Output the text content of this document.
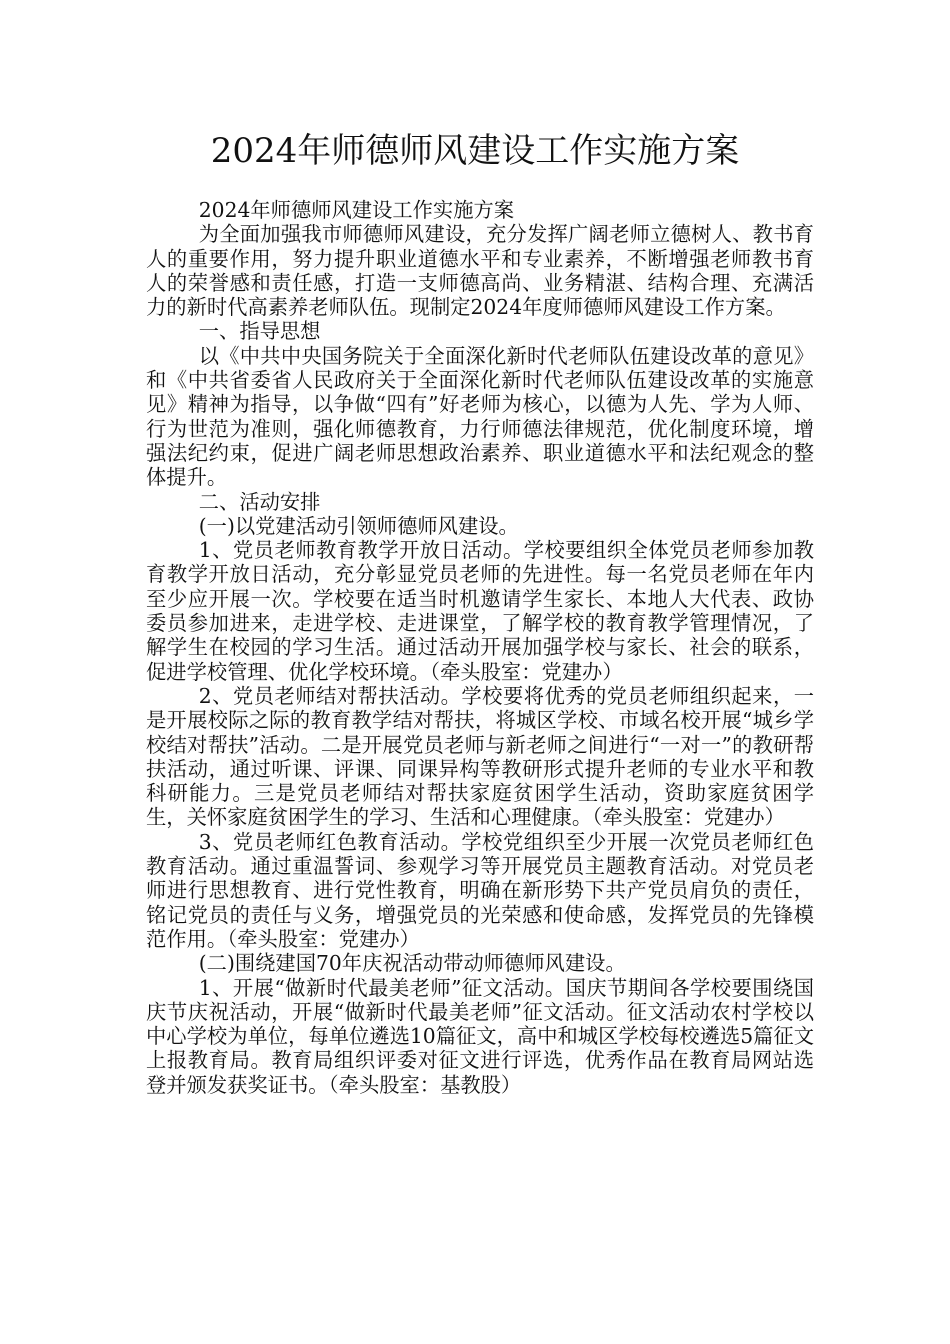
2024年师德师风建设工作实施方案

2024年师德师风建设工作实施方案

为全面加强我市师德师风建设，充分发挥广阔老师立德树人、教书育人的重要作用，努力提升职业道德水平和专业素养，不断增强老师教书育人的荣誉感和责任感，打造一支师德高尚、业务精湛、结构合理、充满活力的新时代高素养老师队伍。现制定2024年度师德师风建设工作方案。

一、指导思想

以《中共中央国务院关于全面深化新时代老师队伍建设改革的意见》和《中共省委省人民政府关于全面深化新时代老师队伍建设改革的实施意见》精神为指导，以争做“四有”好老师为核心，以德为人先、学为人师、行为世范为准则，强化师德教育，力行师德法律规范，优化制度环境，增强法纪约束，促进广阔老师思想政治素养、职业道德水平和法纪观念的整体提升。

二、活动安排

(一)以党建活动引领师德师风建设。

1、党员老师教育教学开放日活动。学校要组织全体党员老师参加教育教学开放日活动，充分彰显党员老师的先进性。每一名党员老师在年内至少应开展一次。学校要在适当时机邀请学生家长、本地人大代表、政协委员参加进来，走进学校、走进课堂，了解学校的教育教学管理情况，了解学生在校园的学习生活。通过活动开展加强学校与家长、社会的联系，促进学校管理、优化学校环境。（牵头股室：党建办）

2、党员老师结对帮扶活动。学校要将优秀的党员老师组织起来，一是开展校际之际的教育教学结对帮扶，将城区学校、市域名校开展“城乡学校结对帮扶”活动。二是开展党员老师与新老师之间进行“一对一”的教研帮扶活动，通过听课、评课、同课异构等教研形式提升老师的专业水平和教科研能力。三是党员老师结对帮扶家庭贫困学生活动，资助家庭贫困学生，关怀家庭贫困学生的学习、生活和心理健康。（牵头股室：党建办）

3、党员老师红色教育活动。学校党组织至少开展一次党员老师红色教育活动。通过重温誓词、参观学习等开展党员主题教育活动。对党员老师进行思想教育、进行党性教育，明确在新形势下共产党员肩负的责任，铭记党员的责任与义务，增强党员的光荣感和使命感，发挥党员的先锋模范作用。（牵头股室：党建办）

(二)围绕建国70年庆祝活动带动师德师风建设。

1、开展“做新时代最美老师”征文活动。国庆节期间各学校要围绕国庆节庆祝活动，开展“做新时代最美老师”征文活动。征文活动农村学校以中心学校为单位，每单位遴选10篇征文，高中和城区学校每校遴选5篇征文上报教育局。教育局组织评委对征文进行评选，优秀作品在教育局网站选登并颁发获奖证书。（牵头股室：基教股）
